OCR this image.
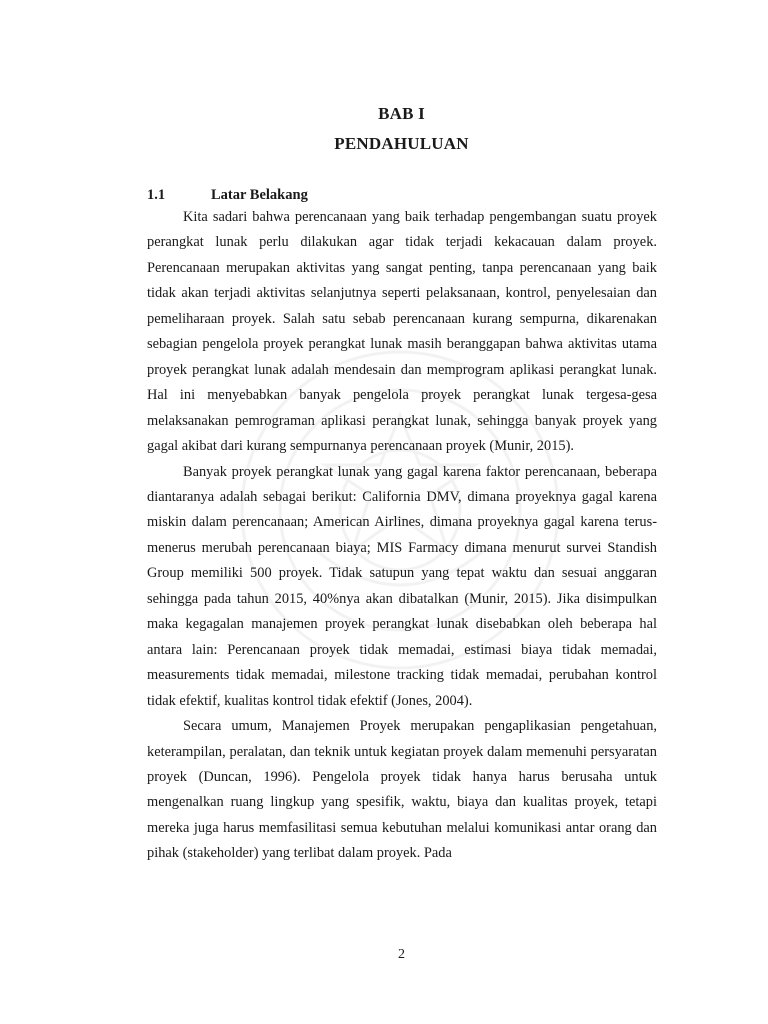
BAB I
PENDAHULUAN
1.1	Latar Belakang

Kita sadari bahwa perencanaan yang baik terhadap pengembangan suatu proyek perangkat lunak perlu dilakukan agar tidak terjadi kekacauan dalam proyek. Perencanaan merupakan aktivitas yang sangat penting, tanpa perencanaan yang baik tidak akan terjadi aktivitas selanjutnya seperti pelaksanaan, kontrol, penyelesaian dan pemeliharaan proyek. Salah satu sebab perencanaan kurang sempurna, dikarenakan sebagian pengelola proyek perangkat lunak masih beranggapan bahwa aktivitas utama proyek perangkat lunak adalah mendesain dan memprogram aplikasi perangkat lunak. Hal ini menyebabkan banyak pengelola proyek perangkat lunak tergesa-gesa melaksanakan pemrograman aplikasi perangkat lunak, sehingga banyak proyek yang gagal akibat dari kurang sempurnanya perencanaan proyek (Munir, 2015).

Banyak proyek perangkat lunak yang gagal karena faktor perencanaan, beberapa diantaranya adalah sebagai berikut: California DMV, dimana proyeknya gagal karena miskin dalam perencanaan; American Airlines, dimana proyeknya gagal karena terus-menerus merubah perencanaan biaya; MIS Farmacy dimana menurut survei Standish Group memiliki 500 proyek. Tidak satupun yang tepat waktu dan sesuai anggaran sehingga pada tahun 2015, 40%nya akan dibatalkan (Munir, 2015). Jika disimpulkan maka kegagalan manajemen proyek perangkat lunak disebabkan oleh beberapa hal antara lain: Perencanaan proyek tidak memadai, estimasi biaya tidak memadai, measurements tidak memadai, milestone tracking tidak memadai, perubahan kontrol tidak efektif, kualitas kontrol tidak efektif (Jones, 2004).

Secara umum, Manajemen Proyek merupakan pengaplikasian pengetahuan, keterampilan, peralatan, dan teknik untuk kegiatan proyek dalam memenuhi persyaratan proyek (Duncan, 1996). Pengelola proyek tidak hanya harus berusaha untuk mengenalkan ruang lingkup yang spesifik, waktu, biaya dan kualitas proyek, tetapi mereka juga harus memfasilitasi semua kebutuhan melalui komunikasi antar orang dan pihak (stakeholder) yang terlibat dalam proyek. Pada

2
